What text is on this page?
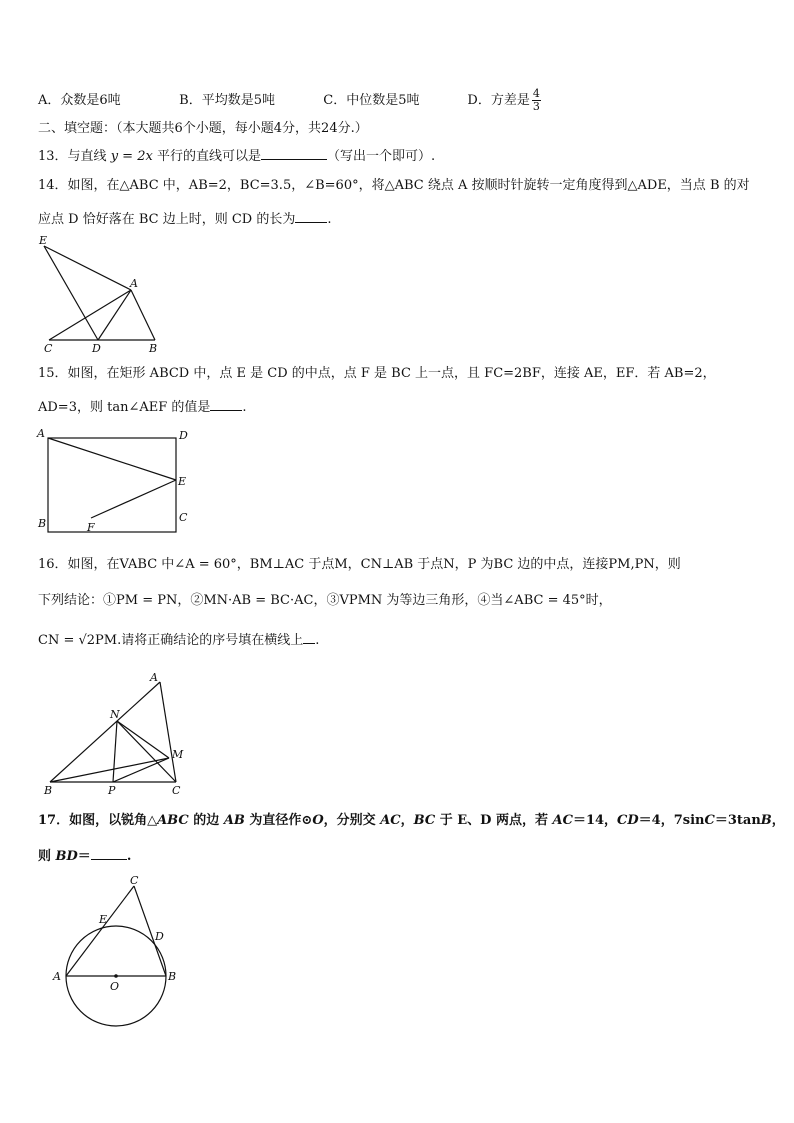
A．众数是6吨	B．平均数是5吨	C．中位数是5吨	D．方差是 $\frac{4}{3}$
二、填空题：（本大题共6个小题，每小题4分，共24分.）
13．与直线 y = 2x 平行的直线可以是	（写出一个即可）.
14．如图，在△ABC 中，AB=2，BC=3.5，∠B=60°，将△ABC 绕点 A 按顺时针旋转一定角度得到△ADE，当点 B 的对
应点 D 恰好落在 BC 边上时，则 CD 的长为 .
E
A
C	D	B
15．如图，在矩形 ABCD 中，点 E 是 CD 的中点，点 F 是 BC 上一点，且 FC=2BF，连接 AE，EF．若 AB=2，
AD=3，则 tan∠AEF 的值是 .
A	D
E
B	F
C
16．如图，在VABC 中∠A = 60°，BM⊥AC 于点M，CN⊥AB 于点N，P 为BC 边的中点，连接PM,PN，则
下列结论：①PM = PN，②MN·AB = BC·AC，③VPMN 为等边三角形，④当∠ABC = 45°时，
CN = √2PM.请将正确结论的序号填在横线上 .
A
N
M
B	P	C
17．如图，以锐角△ABC 的边 AB 为直径作⊙O，分别交 AC，BC 于 E、D 两点，若 AC＝14，CD＝4，7sinC＝3tanB，
则 BD＝	.
C
E
D
A
O
B
